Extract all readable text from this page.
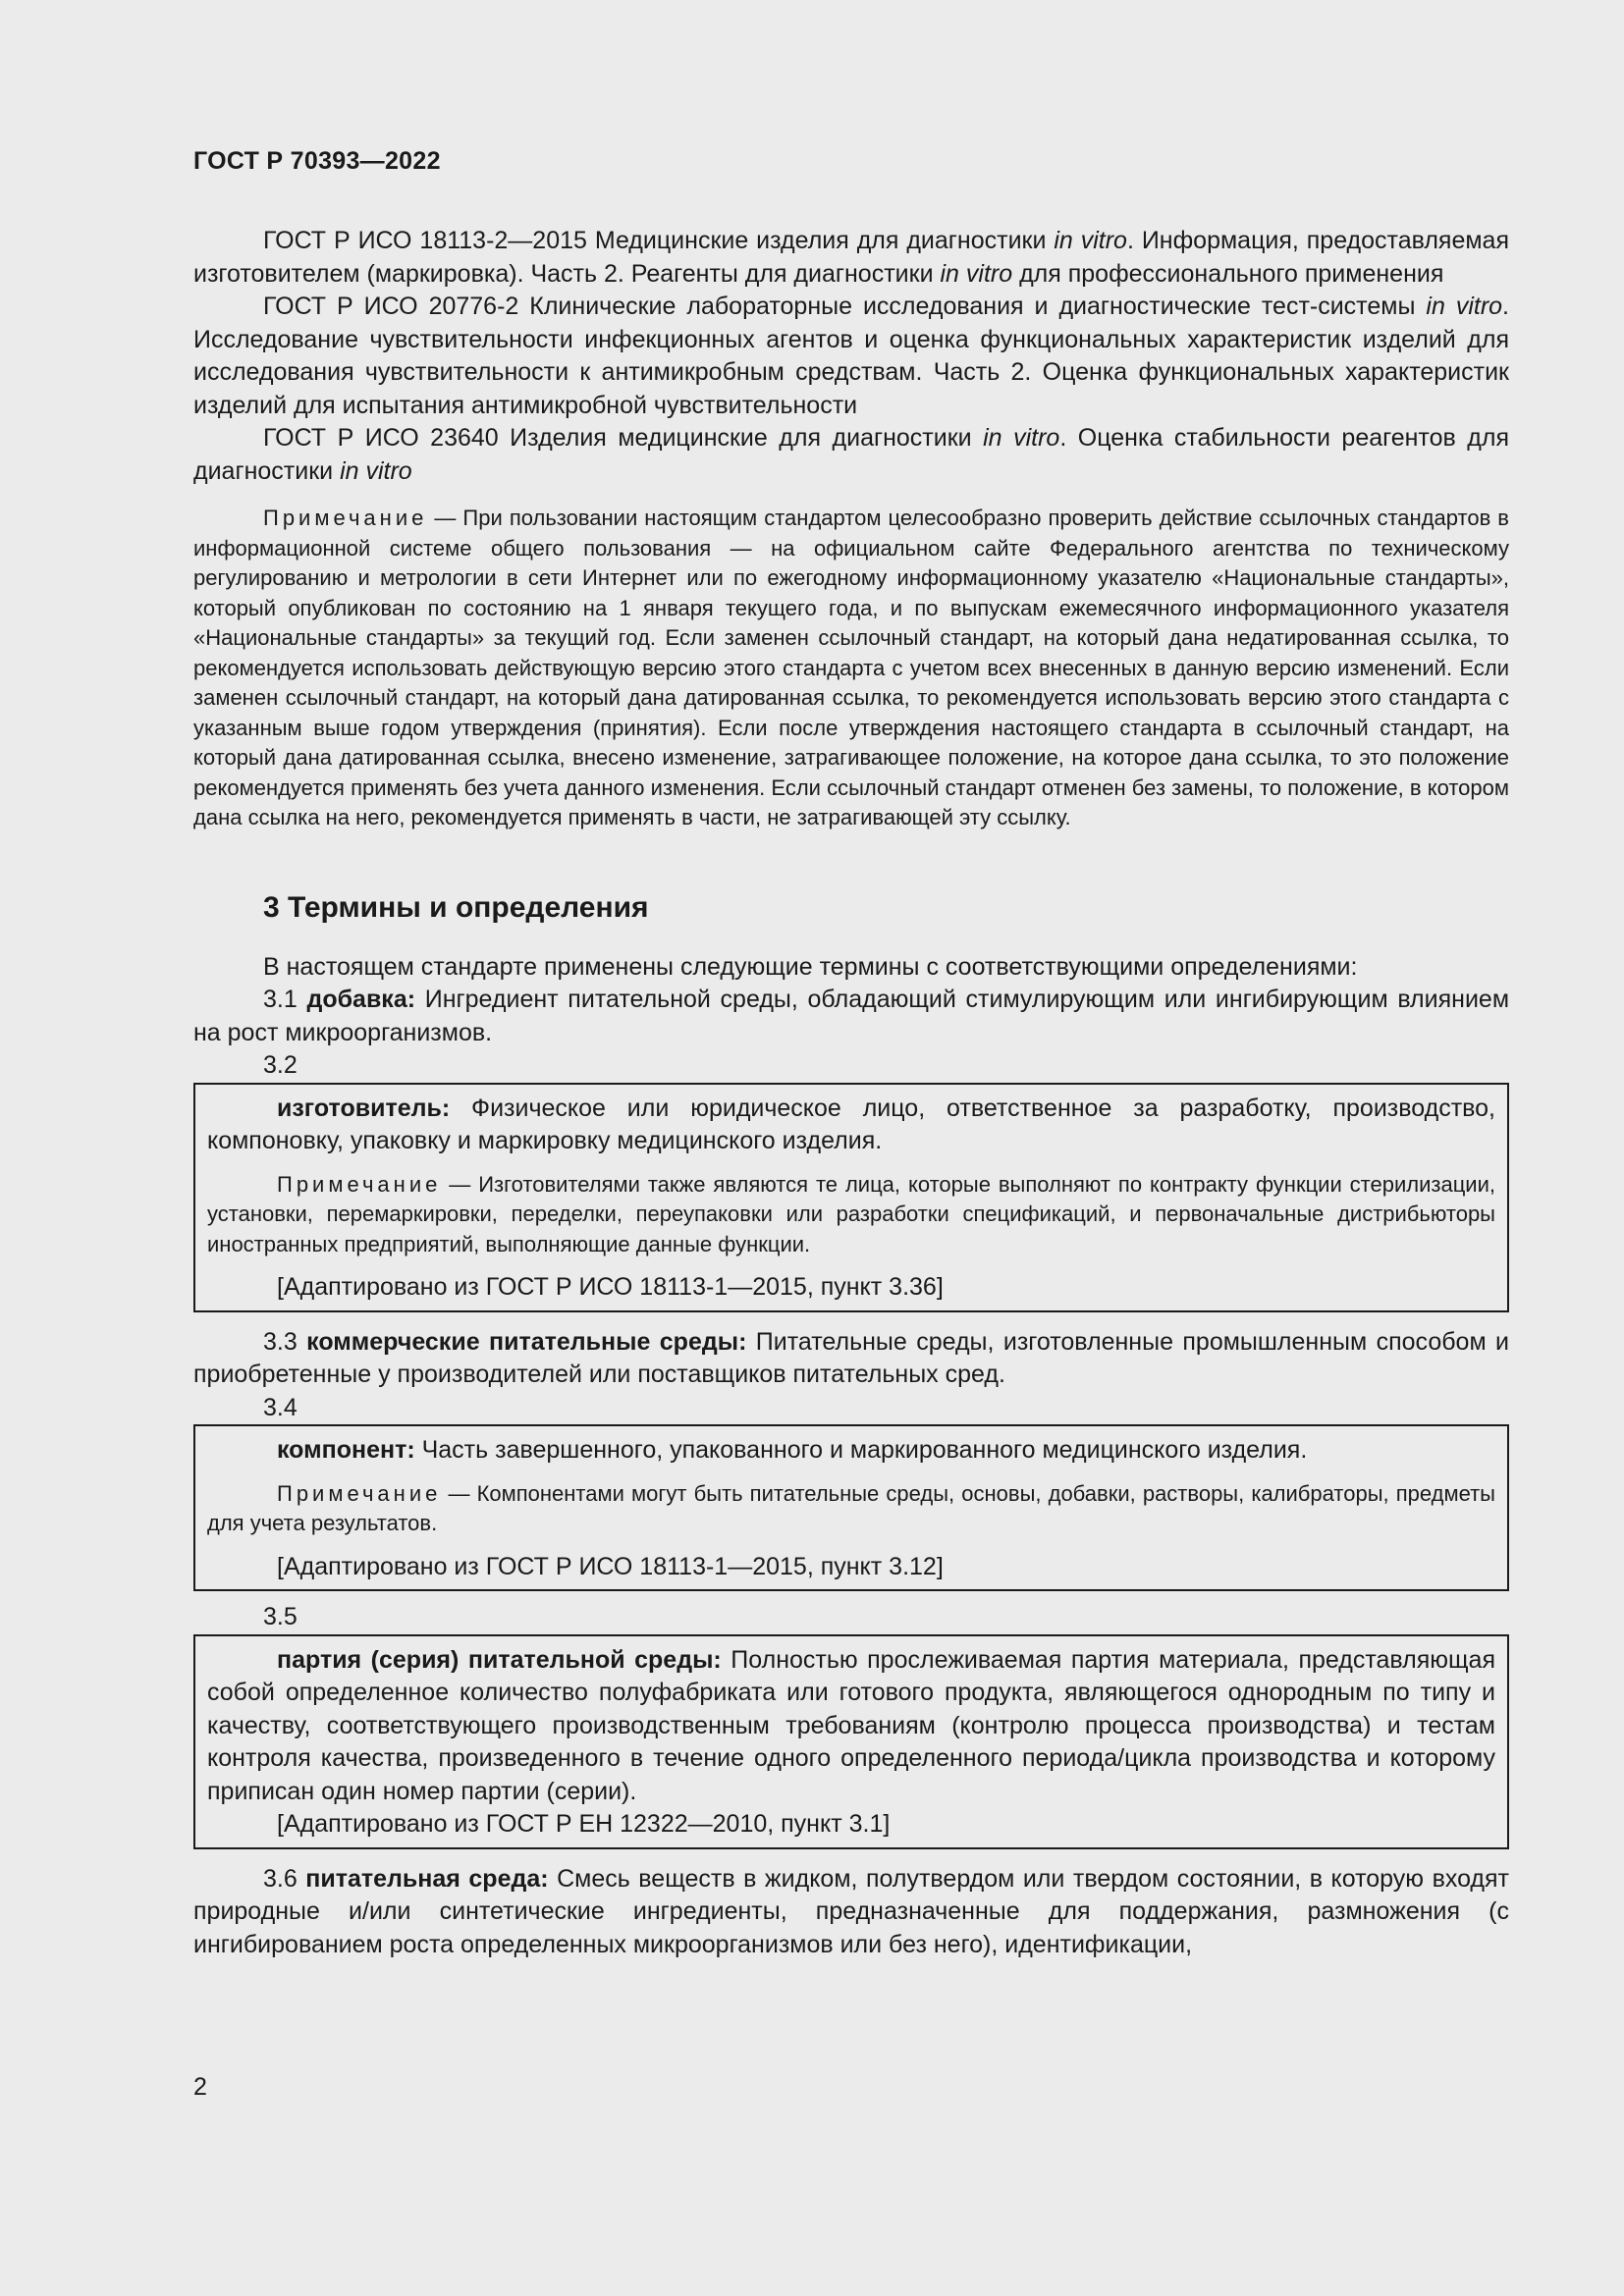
ГОСТ Р 70393—2022

ГОСТ Р ИСО 18113-2—2015 Медицинские изделия для диагностики in vitro. Информация, предоставляемая изготовителем (маркировка). Часть 2. Реагенты для диагностики in vitro для профессионального применения

ГОСТ Р ИСО 20776-2 Клинические лабораторные исследования и диагностические тест-системы in vitro. Исследование чувствительности инфекционных агентов и оценка функциональных характеристик изделий для исследования чувствительности к антимикробным средствам. Часть 2. Оценка функциональных характеристик изделий для испытания антимикробной чувствительности

ГОСТ Р ИСО 23640 Изделия медицинские для диагностики in vitro. Оценка стабильности реагентов для диагностики in vitro

Примечание — При пользовании настоящим стандартом целесообразно проверить действие ссылочных стандартов в информационной системе общего пользования — на официальном сайте Федерального агентства по техническому регулированию и метрологии в сети Интернет или по ежегодному информационному указателю «Национальные стандарты», который опубликован по состоянию на 1 января текущего года, и по выпускам ежемесячного информационного указателя «Национальные стандарты» за текущий год. Если заменен ссылочный стандарт, на который дана недатированная ссылка, то рекомендуется использовать действующую версию этого стандарта с учетом всех внесенных в данную версию изменений. Если заменен ссылочный стандарт, на который дана датированная ссылка, то рекомендуется использовать версию этого стандарта с указанным выше годом утверждения (принятия). Если после утверждения настоящего стандарта в ссылочный стандарт, на который дана датированная ссылка, внесено изменение, затрагивающее положение, на которое дана ссылка, то это положение рекомендуется применять без учета данного изменения. Если ссылочный стандарт отменен без замены, то положение, в котором дана ссылка на него, рекомендуется применять в части, не затрагивающей эту ссылку.

3 Термины и определения

В настоящем стандарте применены следующие термины с соответствующими определениями:

3.1 добавка: Ингредиент питательной среды, обладающий стимулирующим или ингибирующим влиянием на рост микроорганизмов.

3.2

изготовитель: Физическое или юридическое лицо, ответственное за разработку, производство, компоновку, упаковку и маркировку медицинского изделия.

Примечание — Изготовителями также являются те лица, которые выполняют по контракту функции стерилизации, установки, перемаркировки, переделки, переупаковки или разработки спецификаций, и первоначальные дистрибьюторы иностранных предприятий, выполняющие данные функции.

[Адаптировано из ГОСТ Р ИСО 18113-1—2015, пункт 3.36]

3.3 коммерческие питательные среды: Питательные среды, изготовленные промышленным способом и приобретенные у производителей или поставщиков питательных сред.

3.4

компонент: Часть завершенного, упакованного и маркированного медицинского изделия.

Примечание — Компонентами могут быть питательные среды, основы, добавки, растворы, калибраторы, предметы для учета результатов.

[Адаптировано из ГОСТ Р ИСО 18113-1—2015, пункт 3.12]

3.5

партия (серия) питательной среды: Полностью прослеживаемая партия материала, представляющая собой определенное количество полуфабриката или готового продукта, являющегося однородным по типу и качеству, соответствующего производственным требованиям (контролю процесса производства) и тестам контроля качества, произведенного в течение одного определенного периода/цикла производства и которому приписан один номер партии (серии).

[Адаптировано из ГОСТ Р ЕН 12322—2010, пункт 3.1]

3.6 питательная среда: Смесь веществ в жидком, полутвердом или твердом состоянии, в которую входят природные и/или синтетические ингредиенты, предназначенные для поддержания, размножения (с ингибированием роста определенных микроорганизмов или без него), идентификации,

2
